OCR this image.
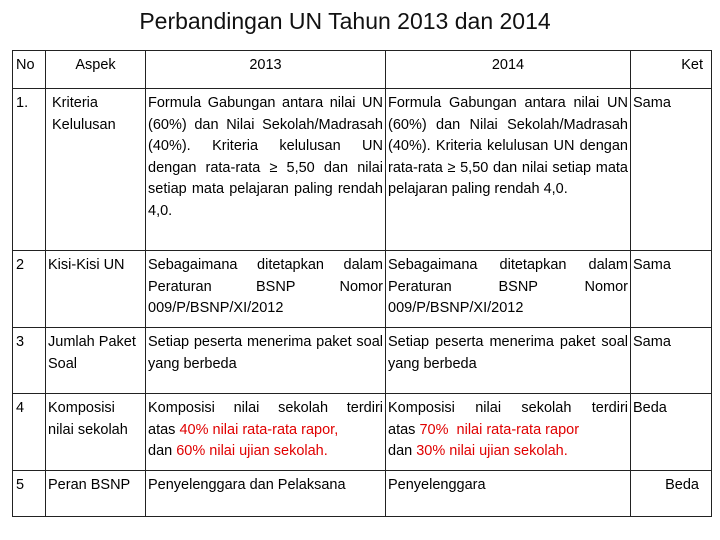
Perbandingan UN Tahun 2013 dan 2014
No	Aspek	2013	2014	Ket
1.	Kriteria Kelulusan	Formula Gabungan antara nilai UN (60%) dan Nilai Sekolah/Madrasah (40%). Kriteria kelulusan UN dengan rata-rata ≥ 5,50 dan nilai setiap mata pelajaran paling rendah 4,0.	Formula Gabungan antara nilai UN (60%) dan Nilai Sekolah/Madrasah (40%). Kriteria kelulusan UN dengan rata-rata ≥ 5,50 dan nilai setiap mata pelajaran paling rendah 4,0.	Sama
2	Kisi-Kisi UN	Sebagaimana ditetapkan dalam Peraturan BSNP Nomor 009/P/BSNP/XI/2012	Sebagaimana ditetapkan dalam Peraturan BSNP Nomor 009/P/BSNP/XI/2012	Sama
3	Jumlah Paket Soal	Setiap peserta menerima paket soal yang berbeda	Setiap peserta menerima paket soal yang berbeda	Sama
4	Komposisi nilai sekolah	Komposisi nilai sekolah terdiri
atas 40% nilai rata-rata rapor,
dan 60% nilai ujian sekolah.	Komposisi nilai sekolah terdiri
atas 70%  nilai rata-rata rapor
dan 30% nilai ujian sekolah.	Beda
5	Peran BSNP	Penyelenggara dan Pelaksana	Penyelenggara	Beda
